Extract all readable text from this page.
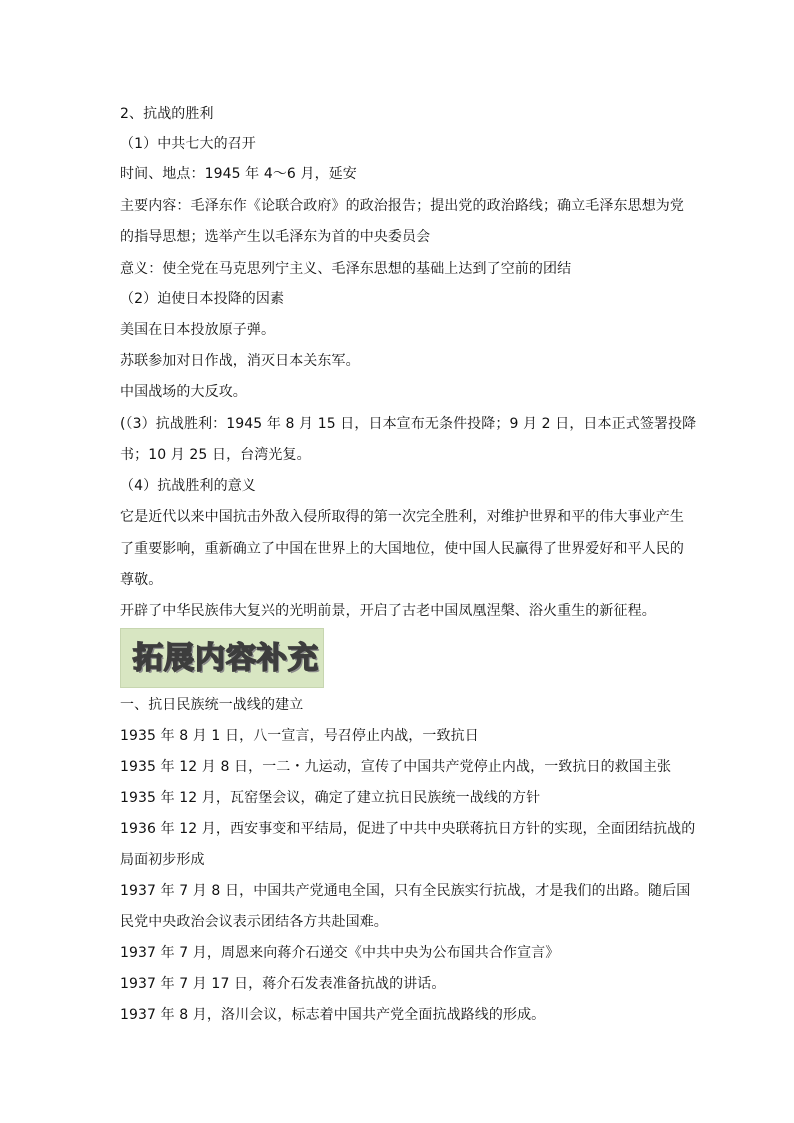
2、抗战的胜利
（1）中共七大的召开
时间、地点：1945 年 4～6 月，延安
主要内容：毛泽东作《论联合政府》的政治报告；提出党的政治路线；确立毛泽东思想为党
的指导思想；选举产生以毛泽东为首的中央委员会
意义：使全党在马克思列宁主义、毛泽东思想的基础上达到了空前的团结
（2）迫使日本投降的因素
美国在日本投放原子弹。
苏联参加对日作战，消灭日本关东军。
中国战场的大反攻。
(（3）抗战胜利：1945 年 8 月 15 日，日本宣布无条件投降；9 月 2 日，日本正式签署投降
书；10 月 25 日，台湾光复。
（4）抗战胜利的意义
它是近代以来中国抗击外敌入侵所取得的第一次完全胜利，对维护世界和平的伟大事业产生
了重要影响，重新确立了中国在世界上的大国地位，使中国人民赢得了世界爱好和平人民的
尊敬。
开辟了中华民族伟大复兴的光明前景，开启了古老中国凤凰涅槃、浴火重生的新征程。
拓展内容补充
一、抗日民族统一战线的建立
1935 年 8 月 1 日，八一宣言，号召停止内战，一致抗日
1935 年 12 月 8 日，一二・九运动，宣传了中国共产党停止内战，一致抗日的救国主张
1935 年 12 月，瓦窑堡会议，确定了建立抗日民族统一战线的方针
1936 年 12 月，西安事变和平结局，促进了中共中央联蒋抗日方针的实现，全面团结抗战的
局面初步形成
1937 年 7 月 8 日，中国共产党通电全国，只有全民族实行抗战，才是我们的出路。随后国
民党中央政治会议表示团结各方共赴国难。
1937 年 7 月，周恩来向蒋介石递交《中共中央为公布国共合作宣言》
1937 年 7 月 17 日，蒋介石发表准备抗战的讲话。
1937 年 8 月，洛川会议，标志着中国共产党全面抗战路线的形成。
